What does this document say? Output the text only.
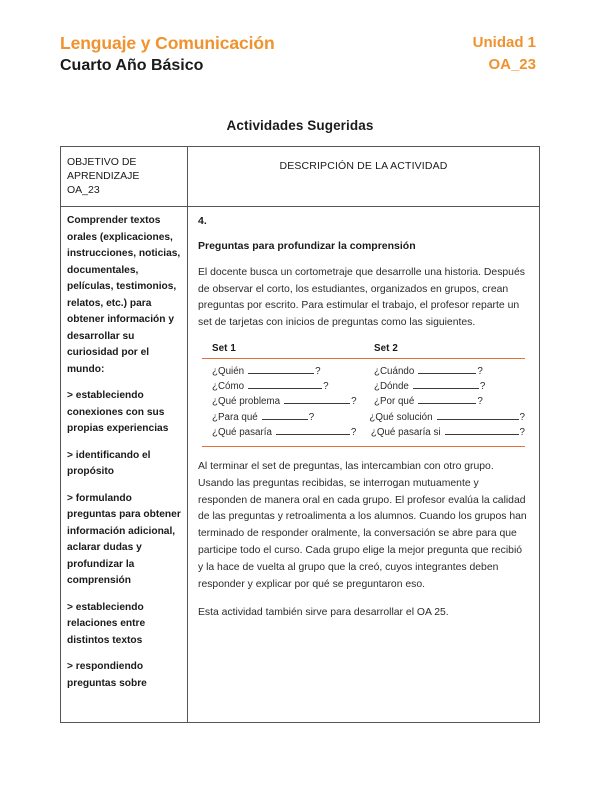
Lenguaje y Comunicación
Cuarto Año Básico
Unidad 1
OA_23
Actividades Sugeridas
OBJETIVO DE
APRENDIZAJE
OA_23
DESCRIPCIÓN DE LA ACTIVIDAD

Comprender textos orales (explicaciones, instrucciones, noticias, documentales, películas, testimonios, relatos, etc.) para obtener información y desarrollar su curiosidad por el mundo:

> estableciendo conexiones con sus propias experiencias

> identificando el propósito

> formulando preguntas para obtener información adicional, aclarar dudas y profundizar la comprensión

> estableciendo relaciones entre distintos textos

> respondiendo preguntas sobre

4.

Preguntas para profundizar la comprensión

El docente busca un cortometraje que desarrolle una historia. Después de observar el corto, los estudiantes, organizados en grupos, crean preguntas por escrito. Para estimular el trabajo, el profesor reparte un set de tarjetas con inicios de preguntas como las siguientes.

Set 1	Set 2
¿Quién	?	¿Cuándo	?
¿Cómo	?	¿Dónde	?
¿Qué problema	? ¿Por qué	?
¿Para qué	?	¿Qué solución	?
¿Qué pasaría	? ¿Qué pasaría si	?

Al terminar el set de preguntas, las intercambian con otro grupo. Usando las preguntas recibidas, se interrogan mutuamente y responden de manera oral en cada grupo. El profesor evalúa la calidad de las preguntas y retroalimenta a los alumnos. Cuando los grupos han terminado de responder oralmente, la conversación se abre para que participe todo el curso. Cada grupo elige la mejor pregunta que recibió y la hace de vuelta al grupo que la creó, cuyos integrantes deben responder y explicar por qué se preguntaron eso.

Esta actividad también sirve para desarrollar el OA 25.
